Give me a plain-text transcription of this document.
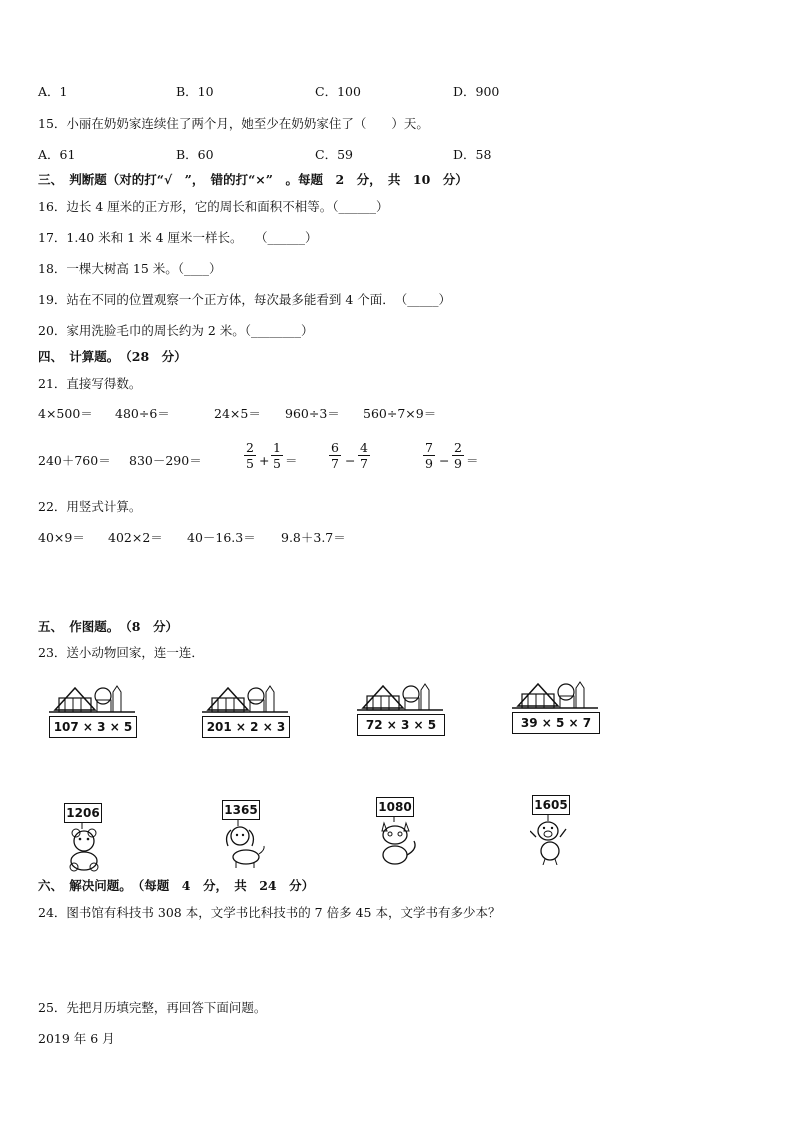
A．1	B．10	C．100	D．900
15．小丽在奶奶家连续住了两个月，她至少在奶奶家住了（　　）天。
A．61	B．60	C．59	D．58
三、　判断题（对的打“√　”，　错的打“×”　。每题　2　分，　共　10　分）
16．边长 4 厘米的正方形，它的周长和面积不相等。（______）
17．1.40 米和 1 米 4 厘米一样长。　　（______）
18．一棵大树高 15 米。（____）
19．站在不同的位置观察一个正方体，每次最多能看到 4 个面．　（_____）
20．家用洗脸毛巾的周长约为 2 米。（________）
四、　计算题。　（28　分）
21．直接写得数。
4×500＝ 480÷6＝	24×5＝ 960÷3＝ 560÷7×9＝
240＋760＝ 830－290＝
2
5 +
1
5 ＝
6
7 −
4
7
7
9 −
2
9 ＝
22．用竖式计算。
40×9＝ 402×2＝ 40－16.3＝ 9.8＋3.7＝
五、　作图题。　（8　分）
23．送小动物回家，连一连．
107 × 3 × 5	201 × 2 × 3	72 × 3 × 5	39 × 5 × 7
1206	1365	1080	1605
六、　解决问题。　（每题　4　分，　共　24　分）
24．图书馆有科技书 308 本，文学书比科技书的 7 倍多 45 本，文学书有多少本？
25．先把月历填完整，再回答下面问题。
2019 年 6 月
